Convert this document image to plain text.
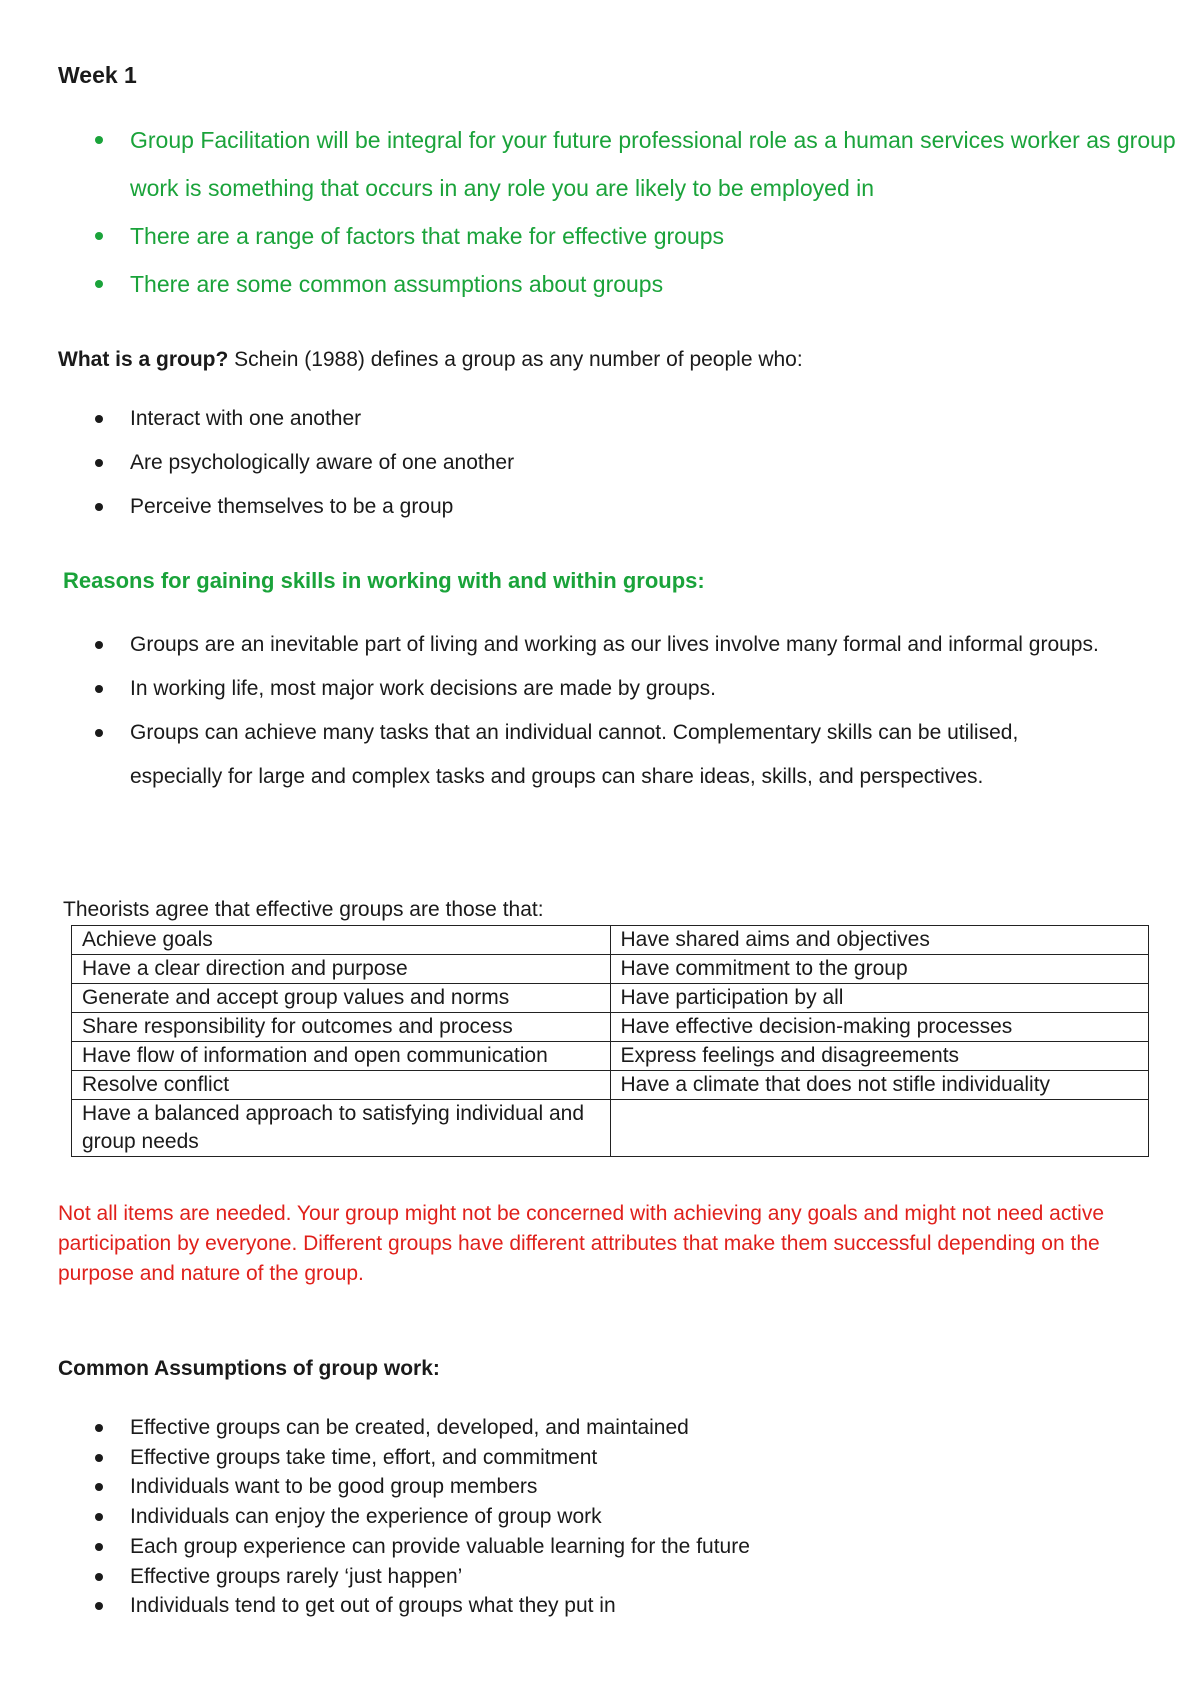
Week 1
Group Facilitation will be integral for your future professional role as a human services worker as group work is something that occurs in any role you are likely to be employed in
There are a range of factors that make for effective groups
There are some common assumptions about groups

What is a group? Schein (1988) defines a group as any number of people who:

Interact with one another
Are psychologically aware of one another
Perceive themselves to be a group
Reasons for gaining skills in working with and within groups:
Groups are an inevitable part of living and working as our lives involve many formal and informal groups.
In working life, most major work decisions are made by groups.
Groups can achieve many tasks that an individual cannot. Complementary skills can be utilised, especially for large and complex tasks and groups can share ideas, skills, and perspectives.

Theorists agree that effective groups are those that:

Achieve goals	Have shared aims and objectives
Have a clear direction and purpose	Have commitment to the group
Generate and accept group values and norms	Have participation by all
Share responsibility for outcomes and process	Have effective decision-making processes
Have flow of information and open communication	Express feelings and disagreements
Resolve conflict	Have a climate that does not stifle individuality
Have a balanced approach to satisfying individual and group needs	

Not all items are needed. Your group might not be concerned with achieving any goals and might not need active participation by everyone. Different groups have different attributes that make them successful depending on the purpose and nature of the group.

Common Assumptions of group work:
Effective groups can be created, developed, and maintained
Effective groups take time, effort, and commitment
Individuals want to be good group members
Individuals can enjoy the experience of group work
Each group experience can provide valuable learning for the future
Effective groups rarely ‘just happen’
Individuals tend to get out of groups what they put in
